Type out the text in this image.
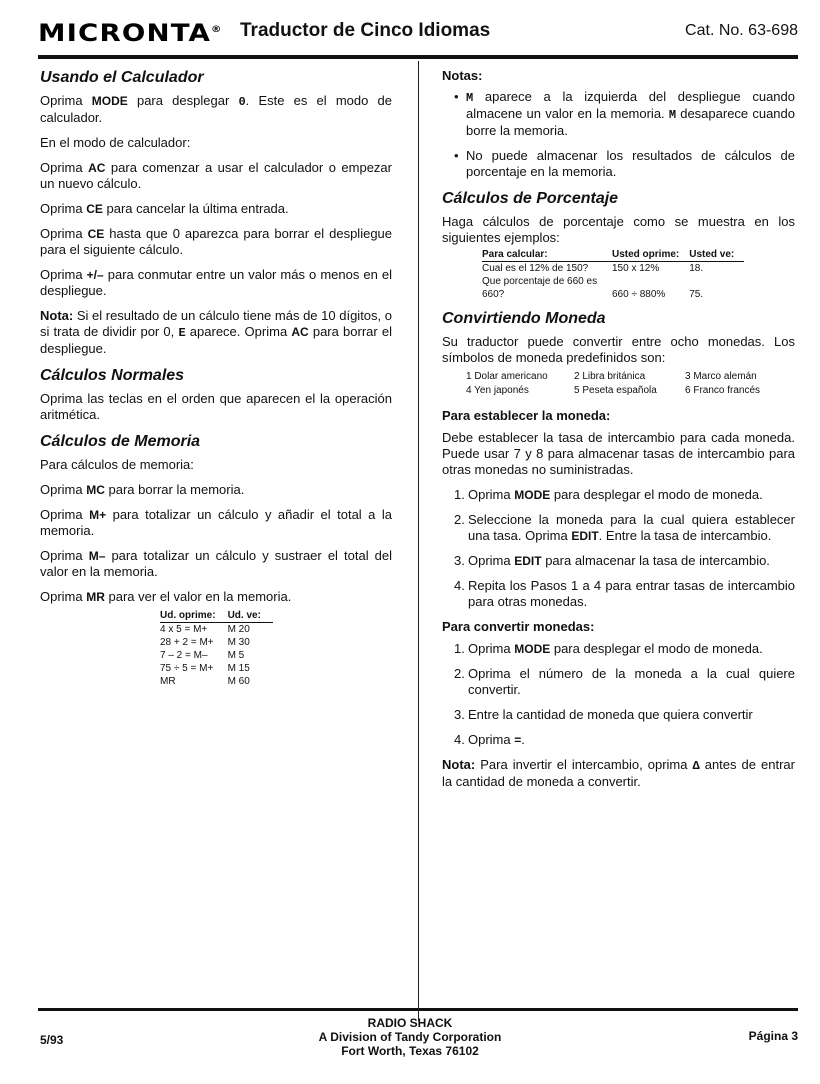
MICRONTA® Traductor de Cinco Idiomas	Cat. No. 63-698
Usando el Calculador

Oprima MODE para desplegar 0. Este es el modo de calculador.

En el modo de calculador:

Oprima AC para comenzar a usar el calculador o empezar un nuevo cálculo.

Oprima CE para cancelar la última entrada.

Oprima CE hasta que 0 aparezca para borrar el despliegue para el siguiente cálculo.

Oprima +/– para conmutar entre un valor más o menos en el despliegue.

Nota: Si el resultado de un cálculo tiene más de 10 dígitos, o si trata de dividir por 0, E aparece. Oprima AC para borrar el despliegue.

Cálculos Normales

Oprima las teclas en el orden que aparecen el la operación aritmética.

Cálculos de Memoria

Para cálculos de memoria:

Oprima MC para borrar la memoria.

Oprima M+ para totalizar un cálculo y añadir el total a la memoria.

Oprima M– para totalizar un cálculo y sustraer el total del valor en la memoria.

Oprima MR para ver el valor en la memoria.

Ud. oprime:	Ud. ve:
4 x 5 = M+	M 20
28 + 2 = M+	M 30
7 – 2 = M–	M 5
75 ÷ 5 = M+	M 15
MR	M 60
Notas:
• M aparece a la izquierda del despliegue cuando almacene un valor en la memoria. M desaparece cuando borre la memoria.
• No puede almacenar los resultados de cálculos de porcentaje en la memoria.
Cálculos de Porcentaje

Haga cálculos de porcentaje como se muestra en los siguientes ejemplos:

Para calcular:	Usted oprime:	Usted ve:
Cual es el 12% de 150?	150 x 12%	18.
Que porcentaje de 660 es 660?	660 ÷ 880%	75.
Convirtiendo Moneda

Su traductor puede convertir entre ocho monedas. Los símbolos de moneda predefinidos son:

1 Dolar americano	2 Libra británica	3 Marco alemán
4 Yen japonés	5 Peseta española	6 Franco francés
Para establecer la moneda:

Debe establecer la tasa de intercambio para cada moneda. Puede usar 7 y 8 para almacenar tasas de intercambio para otras monedas no suministradas.

1. Oprima MODE para desplegar el modo de moneda.
2. Seleccione la moneda para la cual quiera establecer una tasa. Oprima EDIT. Entre la tasa de intercambio.
3. Oprima EDIT para almacenar la tasa de intercambio.
4. Repita los Pasos 1 a 4 para entrar tasas de intercambio para otras monedas.
Para convertir monedas:
1. Oprima MODE para desplegar el modo de moneda.
2. Oprima el número de la moneda a la cual quiere convertir.
3. Entre la cantidad de moneda que quiera convertir
4. Oprima =.

Nota: Para invertir el intercambio, oprima Δ antes de entrar la cantidad de moneda a convertir.

5/93
RADIO SHACK
A Division of Tandy Corporation
Fort Worth, Texas 76102
Página 3
